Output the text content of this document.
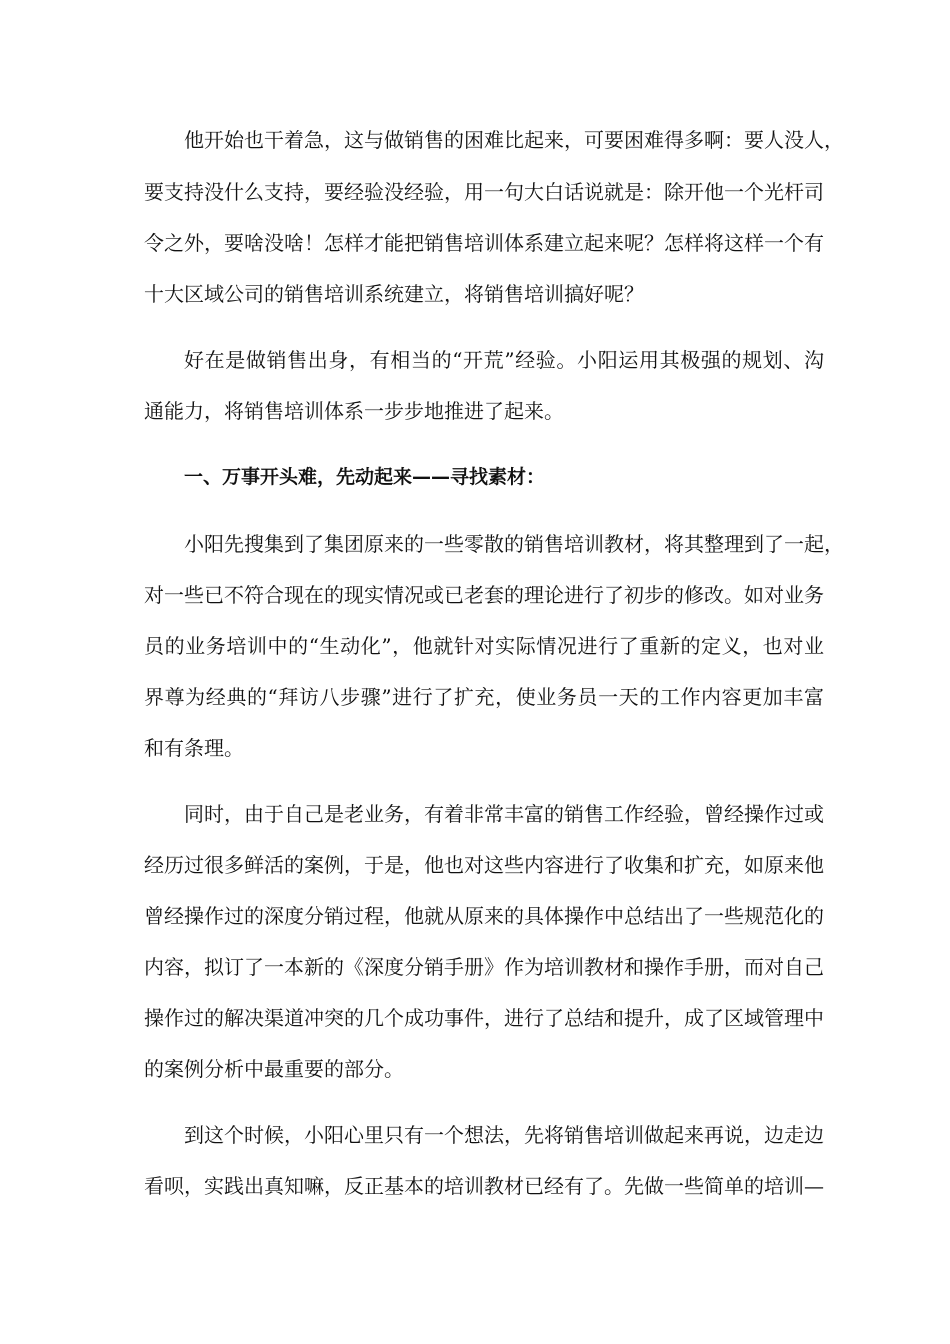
他开始也干着急，这与做销售的困难比起来，可要困难得多啊：要人没人，
要支持没什么支持，要经验没经验，用一句大白话说就是：除开他一个光杆司
令之外，要啥没啥！怎样才能把销售培训体系建立起来呢？怎样将这样一个有
十大区域公司的销售培训系统建立，将销售培训搞好呢？
好在是做销售出身，有相当的“开荒”经验。小阳运用其极强的规划、沟
通能力，将销售培训体系一步步地推进了起来。
一、万事开头难，先动起来——寻找素材：
小阳先搜集到了集团原来的一些零散的销售培训教材，将其整理到了一起，
对一些已不符合现在的现实情况或已老套的理论进行了初步的修改。如对业务
员的业务培训中的“生动化”，他就针对实际情况进行了重新的定义，也对业
界尊为经典的“拜访八步骤”进行了扩充，使业务员一天的工作内容更加丰富
和有条理。
同时，由于自己是老业务，有着非常丰富的销售工作经验，曾经操作过或
经历过很多鲜活的案例，于是，他也对这些内容进行了收集和扩充，如原来他
曾经操作过的深度分销过程，他就从原来的具体操作中总结出了一些规范化的
内容，拟订了一本新的《深度分销手册》作为培训教材和操作手册，而对自己
操作过的解决渠道冲突的几个成功事件，进行了总结和提升，成了区域管理中
的案例分析中最重要的部分。
到这个时候，小阳心里只有一个想法，先将销售培训做起来再说，边走边
看呗，实践出真知嘛，反正基本的培训教材已经有了。先做一些简单的培训—
